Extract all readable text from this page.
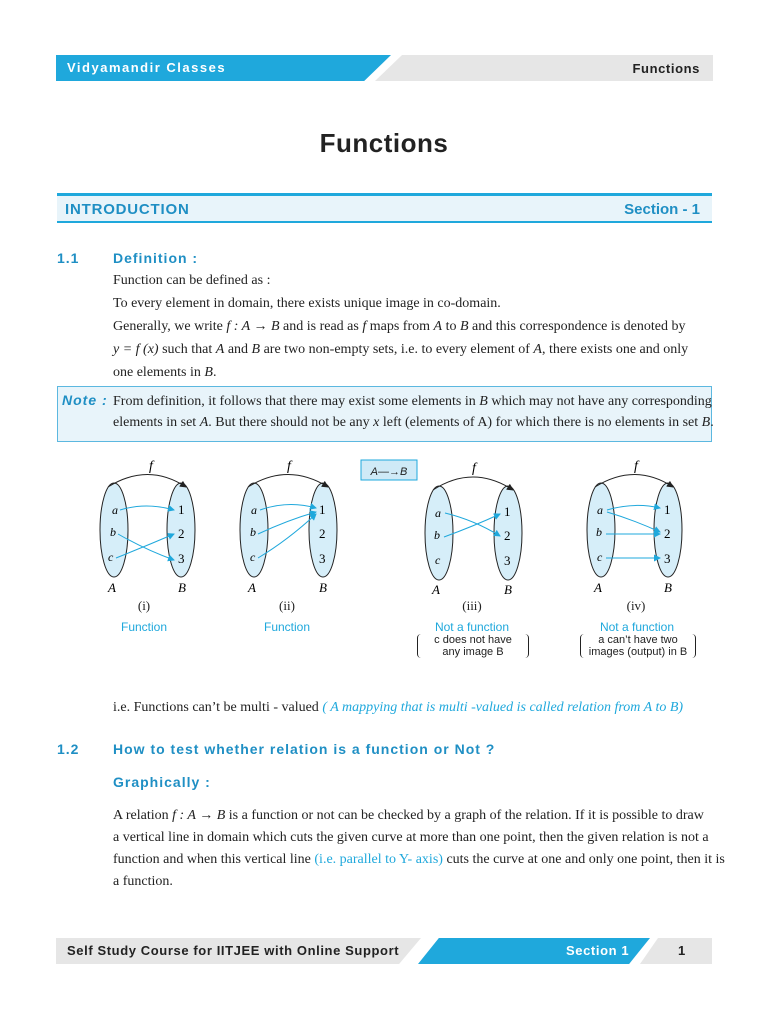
Vidyamandir Classes	Functions
Functions
INTRODUCTION	Section - 1
1.1 Definition :
Function can be defined as :
To every element in domain, there exists unique image in co-domain.
Generally, we write f : A → B and is read as f maps from A to B and this correspondence is denoted by
y = f (x) such that A and B are two non-empty sets, i.e. to every element of A, there exists one and only
one elements in B.
Note : From definition, it follows that there may exist some elements in B which may not have any corresponding
elements in set A. But there should not be any x left (elements of A) for which there is no elements in set B.
A—→B
f
a
b
c
1
2
3
A	B
f
a
b
c
1
2
3
A	B
f
a
b
c
1
2
3
A	B
f
a
b
c
1
2
3
A	B
(i)
Function
(ii)
Function
(iii)
Not a function
c does not have
any image B
(iv)
Not a function
a can’t have two
images (output) in B
i.e. Functions can’t be multi - valued ( A mappying that is multi -valued is called relation from A to B)
1.2 How to test whether relation is a function or Not ?
Graphically :
A relation f : A → B is a function or not can be checked by a graph of the relation. If it is possible to draw
a vertical line in domain which cuts the given curve at more than one point, then the given relation is not a
function and when this vertical line (i.e. parallel to Y- axis) cuts the curve at one and only one point, then it is
a function.
Self Study Course for IITJEE with Online Support	Section 1	1
